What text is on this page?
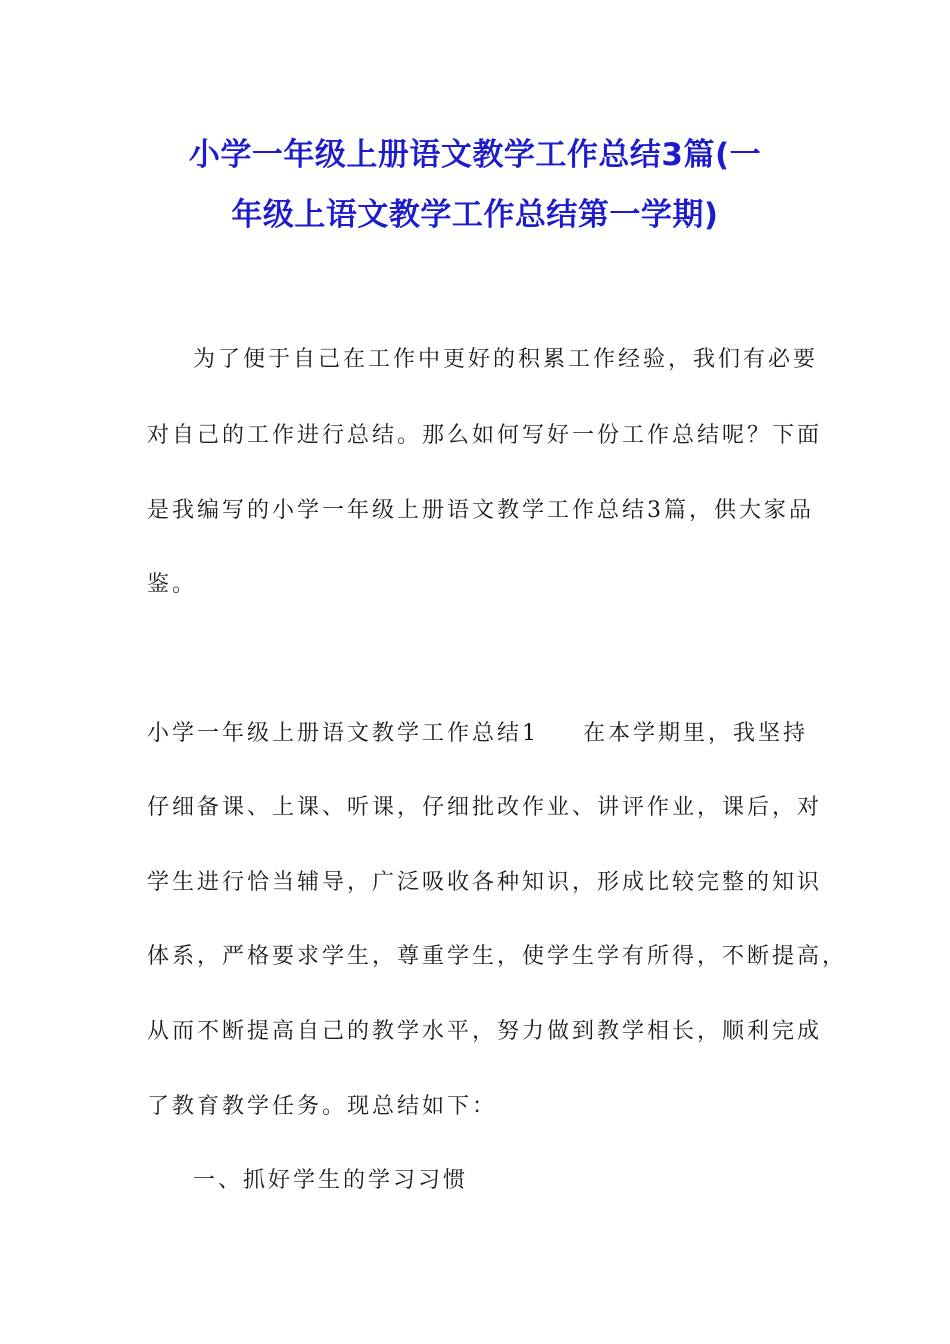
小学一年级上册语文教学工作总结3篇(一
年级上语文教学工作总结第一学期)
为了便于自己在工作中更好的积累工作经验，我们有必要
对自己的工作进行总结。那么如何写好一份工作总结呢？下面
是我编写的小学一年级上册语文教学工作总结3篇，供大家品
鉴。
小学一年级上册语文教学工作总结1 在本学期里，我坚持
仔细备课、上课、听课，仔细批改作业、讲评作业，课后，对
学生进行恰当辅导，广泛吸收各种知识，形成比较完整的知识
体系，严格要求学生，尊重学生，使学生学有所得，不断提高，
从而不断提高自己的教学水平，努力做到教学相长，顺利完成
了教育教学任务。现总结如下：
一、抓好学生的学习习惯
